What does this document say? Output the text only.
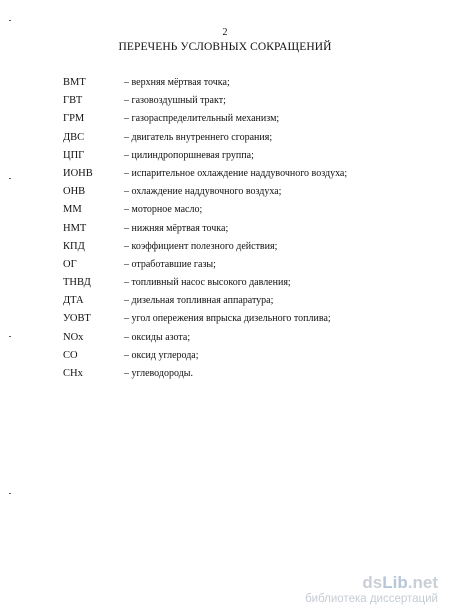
2
ПЕРЕЧЕНЬ УСЛОВНЫХ СОКРАЩЕНИЙ
ВМТ	– верхняя мёртвая точка;
ГВТ	– газовоздушный тракт;
ГРМ	– газораспределительный механизм;
ДВС	– двигатель внутреннего сгорания;
ЦПГ	– цилиндропоршневая группа;
ИОНВ	– испарительное охлаждение наддувочного воздуха;
ОНВ	– охлаждение наддувочного воздуха;
ММ	– моторное масло;
НМТ	– нижняя мёртвая точка;
КПД	– коэффициент полезного действия;
ОГ	– отработавшие газы;
ТНВД	– топливный насос высокого давления;
ДТА	– дизельная топливная аппаратура;
УОВТ	– угол опережения впрыска дизельного топлива;
NOх	– оксиды азота;
СО	– оксид углерода;
СНх	– углеводороды.
dsLib.net
библиотека диссертаций
